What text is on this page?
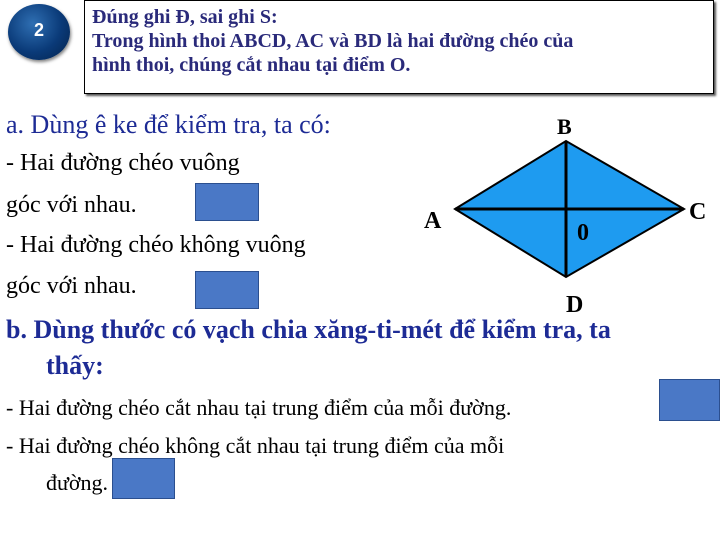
2
Đúng ghi Đ, sai ghi S:
Trong hình thoi ABCD, AC và BD là hai đường chéo của
hình thoi, chúng cắt nhau tại điểm O.
B
A	C
0
D
a. Dùng ê ke để kiểm tra, ta có:
- Hai đường chéo vuông
góc với nhau.
- Hai đường chéo không vuông
góc với nhau.
b. Dùng thước có vạch chia xăng-ti-mét để kiểm tra, ta
thấy:
- Hai đường chéo cắt nhau tại trung điểm của mỗi đường.
- Hai đường chéo không cắt nhau tại trung điểm của mỗi
đường.
